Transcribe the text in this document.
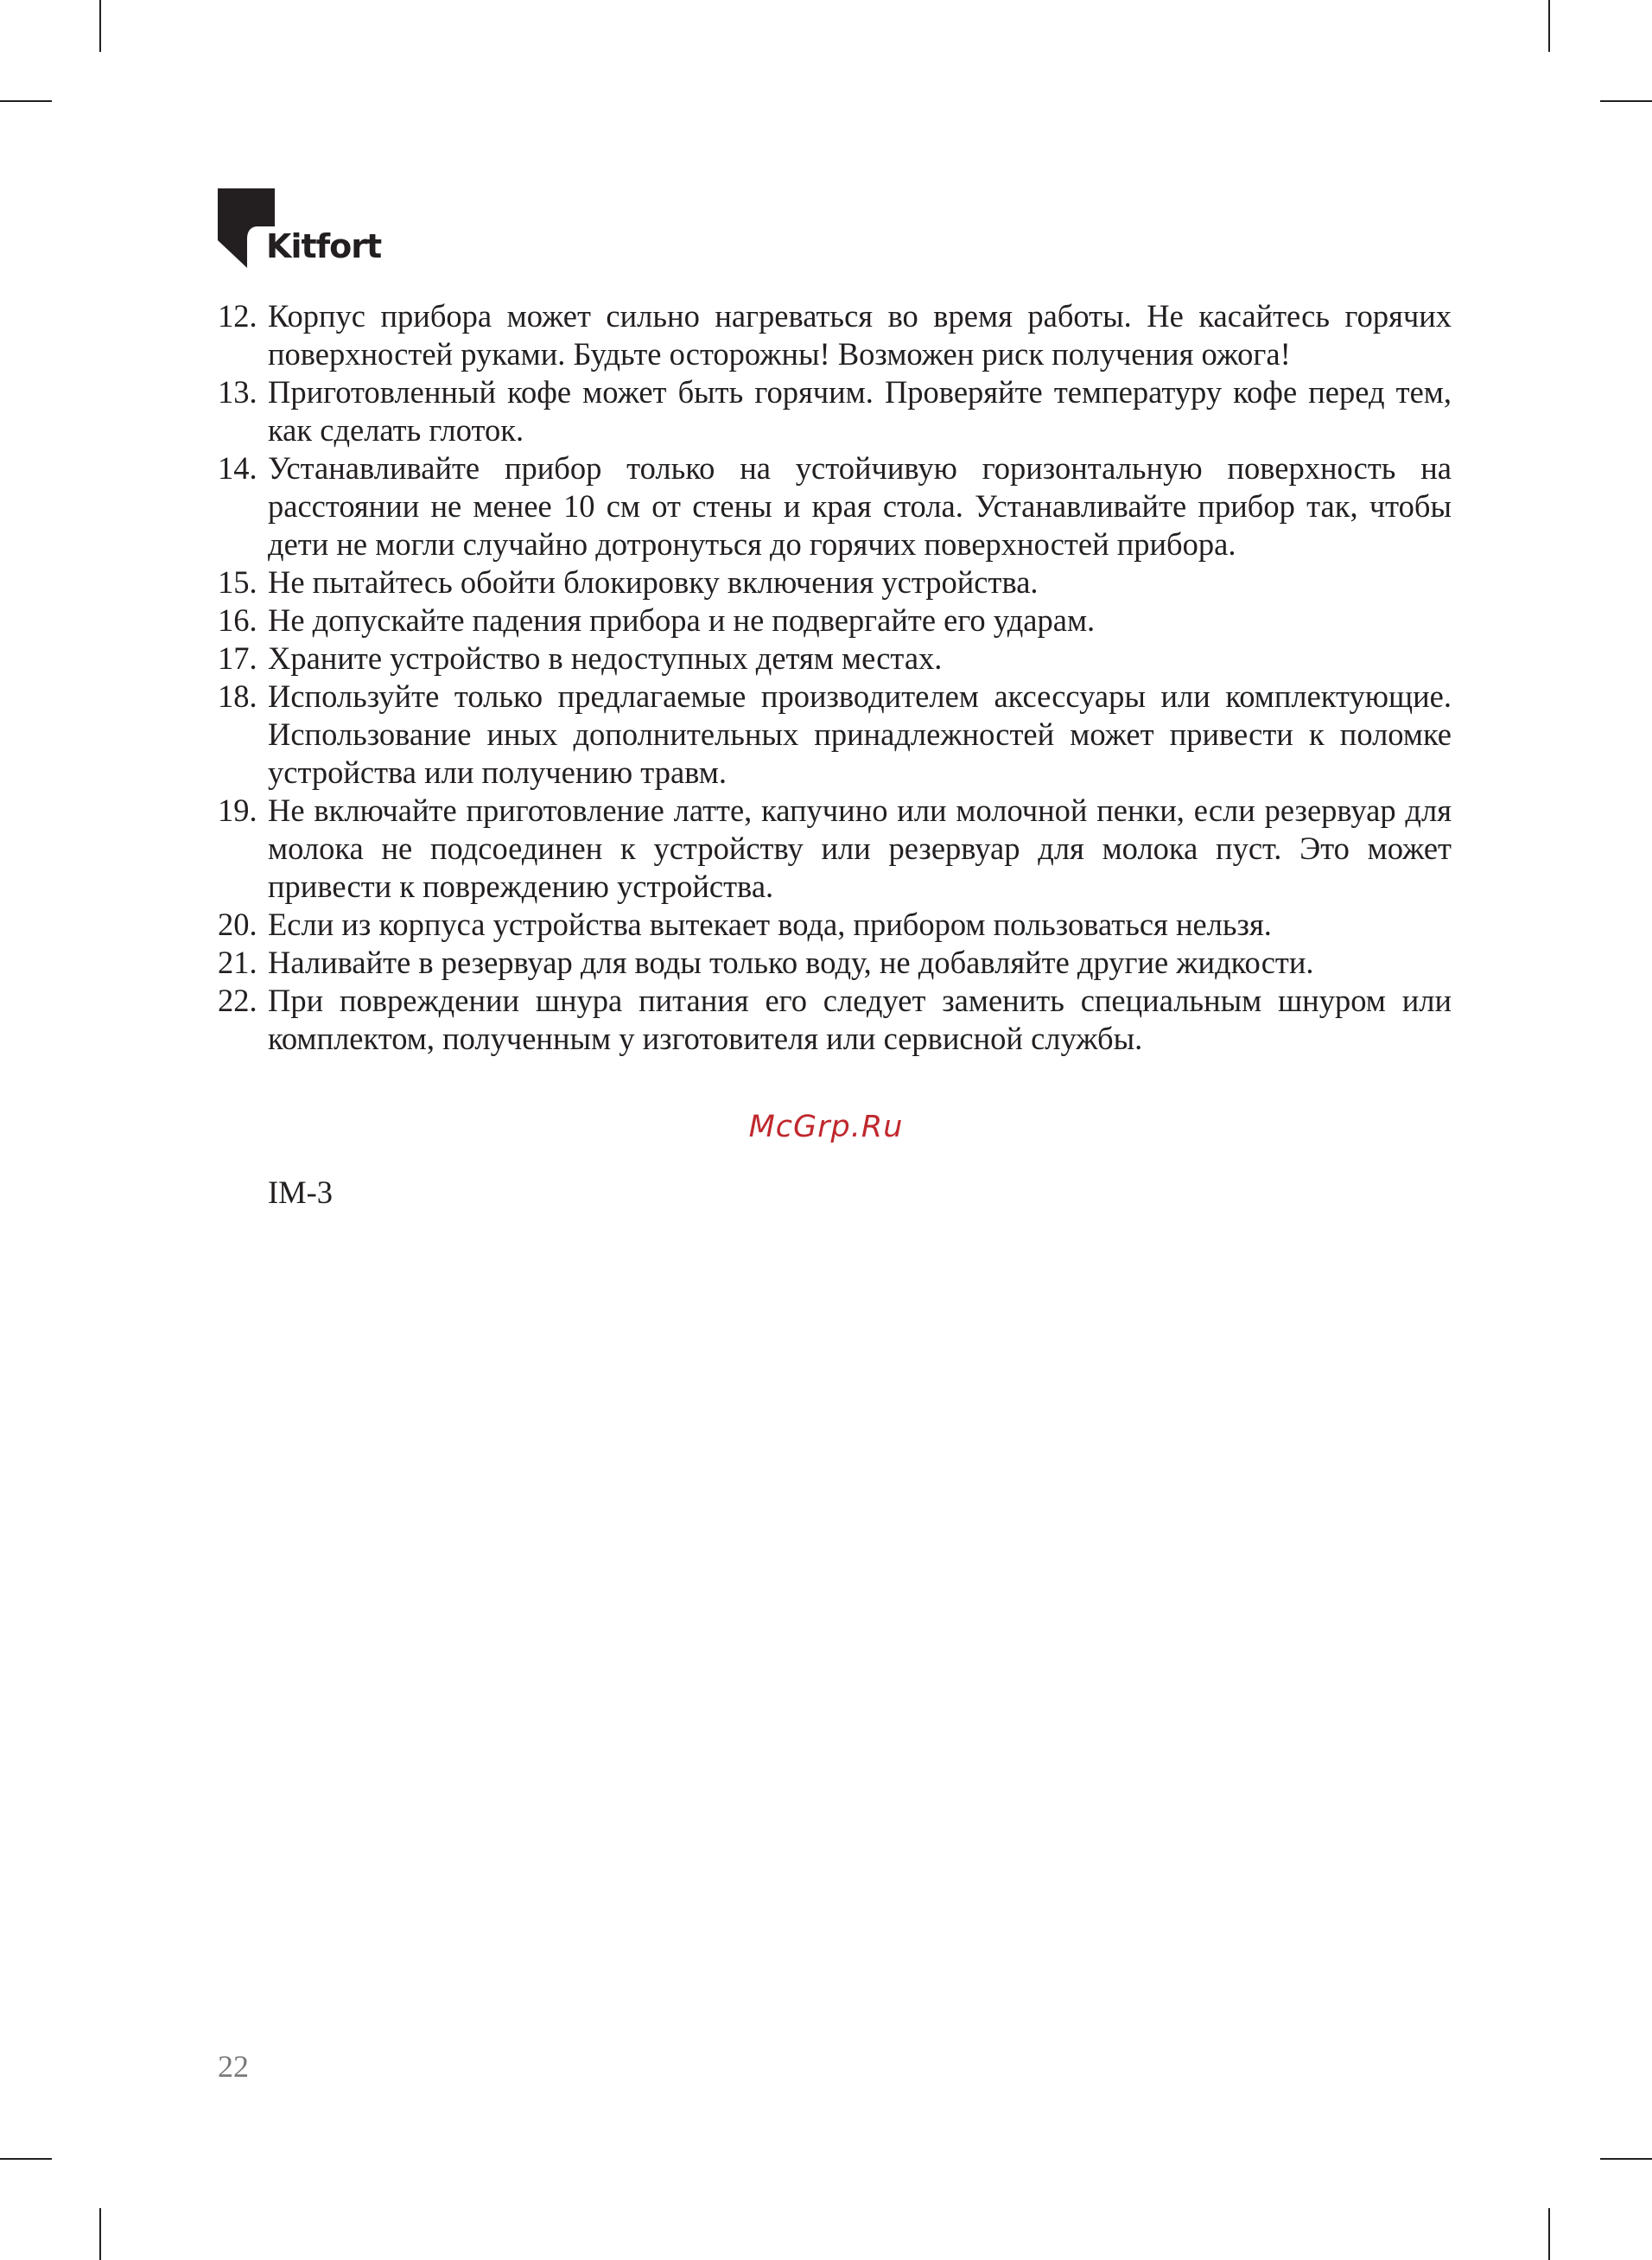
Kitfort
12. Корпус прибора может сильно нагреваться во время работы. Не касайтесь горячих поверхностей руками. Будьте осторожны! Возможен риск получения ожога!
13. Приготовленный кофе может быть горячим. Проверяйте температуру кофе перед тем, как сделать глоток.
14. Устанавливайте прибор только на устойчивую горизонтальную поверхность на расстоянии не менее 10 см от стены и края стола. Устанавливайте прибор так, чтобы дети не могли случайно дотронуться до горячих поверхностей прибора.
15. Не пытайтесь обойти блокировку включения устройства.
16. Не допускайте падения прибора и не подвергайте его ударам.
17. Храните устройство в недоступных детям местах.
18. Используйте только предлагаемые производителем аксессуары или комплектующие. Использование иных дополнительных принадлежностей может привести к поломке устройства или получению травм.
19. Не включайте приготовление латте, капучино или молочной пенки, если резервуар для молока не подсоединен к устройству или резервуар для молока пуст. Это может привести к повреждению устройства.
20. Если из корпуса устройства вытекает вода, прибором пользоваться нельзя.
21. Наливайте в резервуар для воды только воду, не добавляйте другие жидкости.
22. При повреждении шнура питания его следует заменить специальным шнуром или комплектом, полученным у изготовителя или сервисной службы.
McGrp.Ru
IM-3
22
